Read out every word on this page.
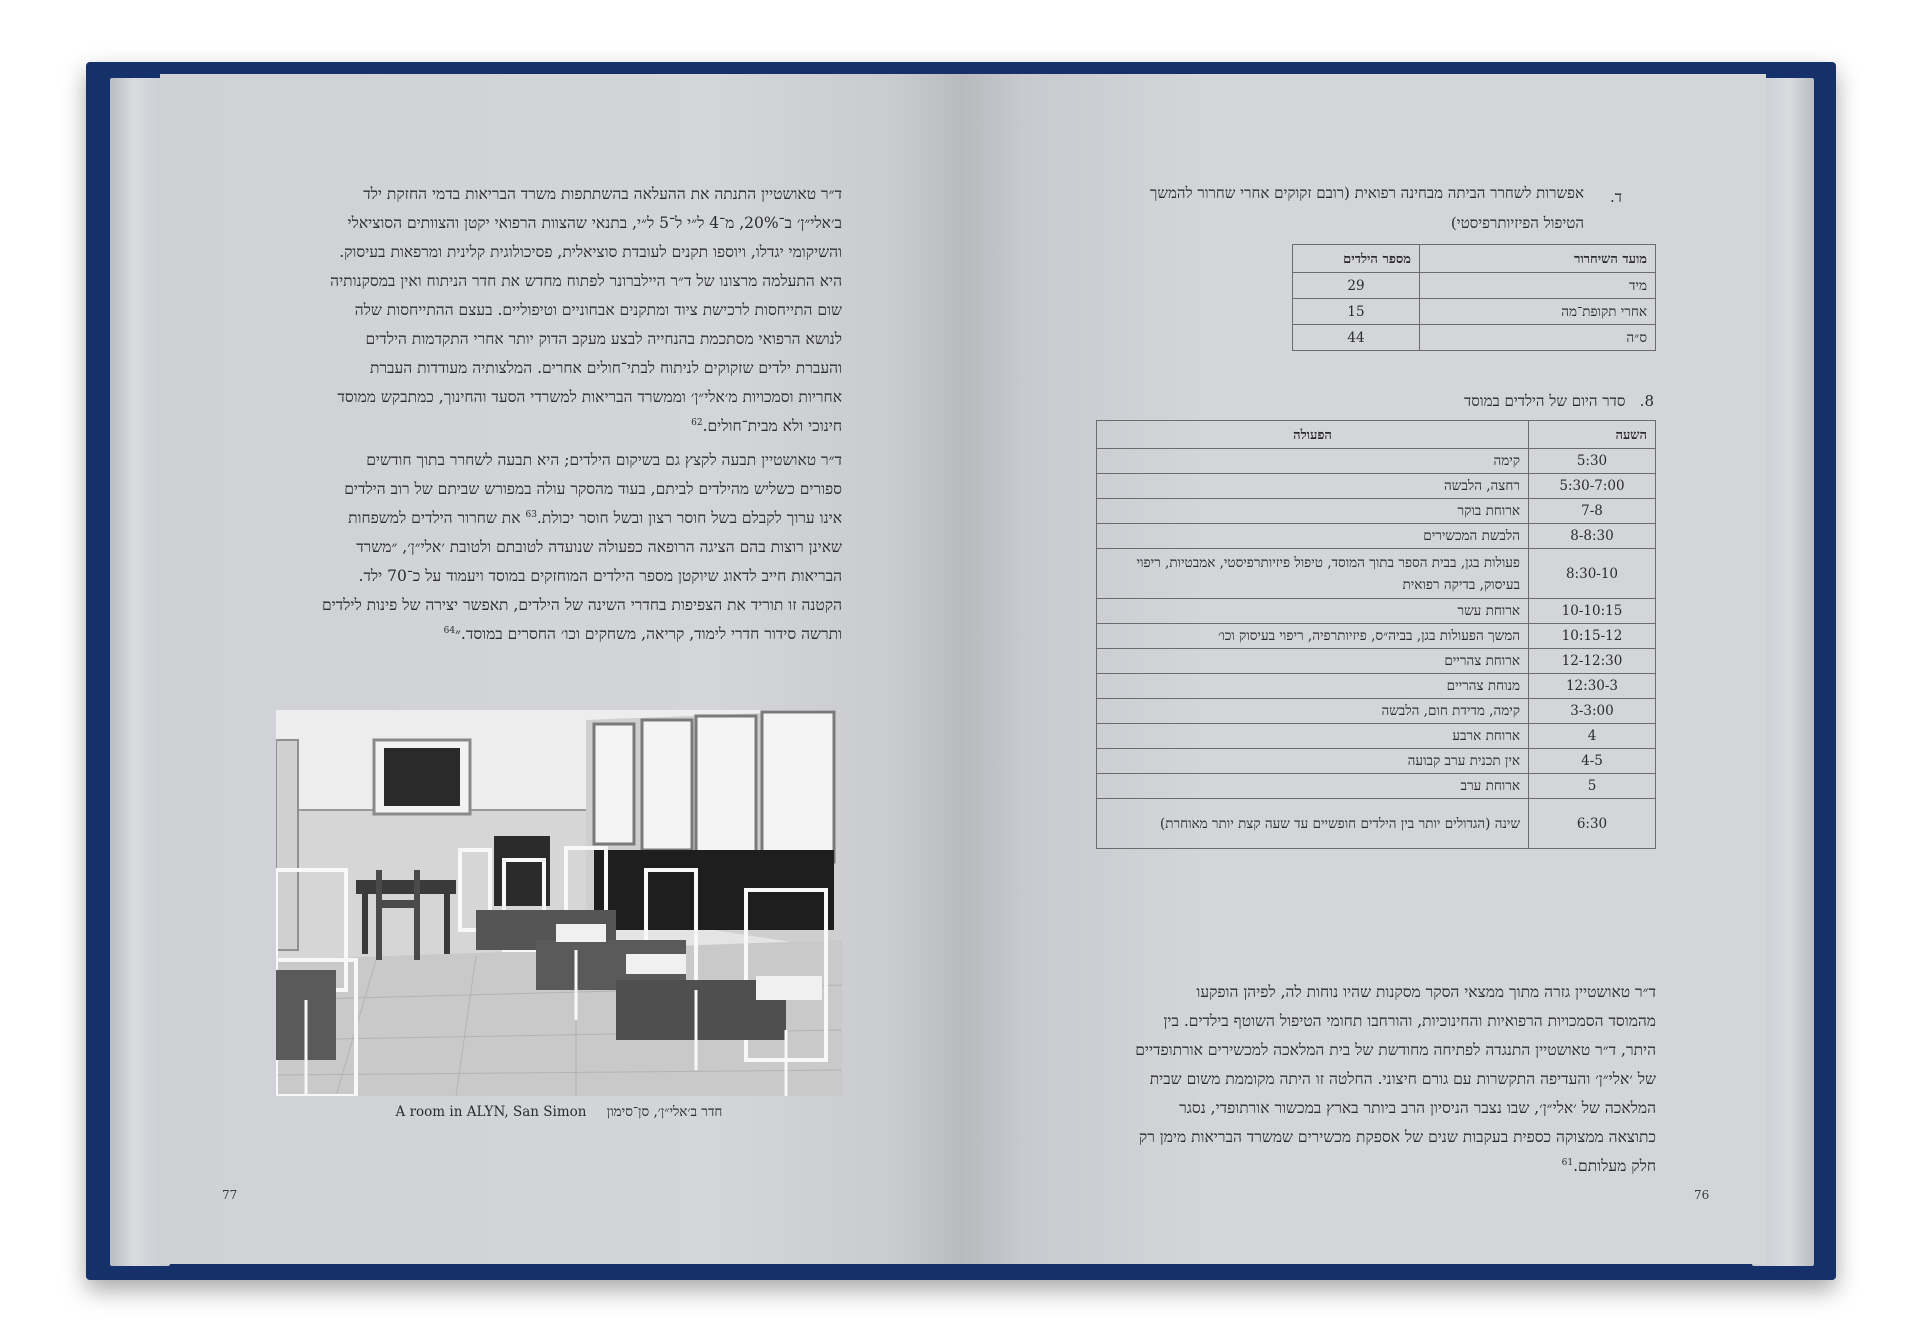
ד״ר טאושטיין התנתה את ההעלאה בהשתתפות משרד הבריאות בדמי החזקת ילד
ב׳אלי״ן׳ ב־20%, מ־4 ל״י ל־5 ל״י, בתנאי שהצוות הרפואי יקטן והצוותים הסוציאלי
והשיקומי יגדלו, ויוספו תקנים לעובדת סוציאלית, פסיכולוגית קלינית ומרפאות בעיסוק.
היא התעלמה מרצונו של ד״ר היילברונר לפתוח מחדש את חדר הניתוח ואין במסקנותיה
שום התייחסות לרכישת ציוד ומתקנים אבחוניים וטיפוליים. בעצם ההתייחסות שלה
לנושא הרפואי מסתכמת בהנחייה לבצע מעקב הדוק יותר אחרי התקדמות הילדים
והעברת ילדים שזקוקים לניתוח לבתי־חולים אחרים. המלצותיה מעודדות העברת
אחריות וסמכויות מ׳אלי״ן׳ וממשרד הבריאות למשרדי הסעד והחינוך, כמתבקש ממוסד
חינוכי ולא מבית־חולים.$^{62}$
ד״ר טאושטיין תבעה לקצץ גם בשיקום הילדים; היא תבעה לשחרר בתוך חודשים
ספורים כשליש מהילדים לביתם, בעוד מהסקר עולה במפורש שביתם של רוב הילדים
אינו ערוך לקבלם בשל חוסר רצון ובשל חוסר יכולת.$^{63}$ את שחרור הילדים למשפחות
שאינן רוצות בהם הציגה הרופאה כפעולה שנועדה לטובתם ולטובת ׳אלי״ן׳, ״משרד
הבריאות חייב לדאוג שיוקטן מספר הילדים המוחזקים במוסד ויעמוד על כ־70 ילד.
הקטנה זו תוריד את הצפיפות בחדרי השינה של הילדים, תאפשר יצירה של פינות לילדים
ותרשה סידור חדרי לימוד, קריאה, משחקים וכו׳ החסרים במוסד.״$^{64}$
A room in ALYN, San Simon חדר ב׳אלי״ן׳, סן־סימון
77
ד.
אפשרות לשחרר הביתה מבחינה רפואית (רובם זקוקים אחרי שחרור להמשך
הטיפול הפיזיותרפיסטי)
מועד השיחרור	מספר הילדים
מיד	29
אחרי תקופת־מה	15
ס״ה	44
8.   סדר היום של הילדים במוסד
השעה	הפעולה
5:30	קימה
5:30-7:00	רחצה, הלבשה
7-8	ארוחת בוקר
8-8:30	הלבשת המכשירים
8:30-10	פעולות בגן, בבית הספר בתוך המוסד, טיפול פיזיותרפיסטי, אמבטיות, ריפוי בעיסוק, בדיקה רפואית
10-10:15	ארוחת עשר
10:15-12	המשך הפעולות בגן, בביה״ס, פיזיותרפיה, ריפוי בעיסוק וכו׳
12-12:30	ארוחת צהריים
12:30-3	מנוחת צהריים
3-3:00	קימה, מדידת חום, הלבשה
4	ארוחת ארבע
4-5	אין תכנית ערב קבועה
5	ארוחת ערב
6:30	שינה (הגדולים יותר בין הילדים חופשיים עד שעה קצת יותר מאוחרת)
ד״ר טאושטיין גזרה מתוך ממצאי הסקר מסקנות שהיו נוחות לה, לפיהן הופקעו
מהמוסד הסמכויות הרפואיות והחינוכיות, והורחבו תחומי הטיפול השוטף בילדים. בין
היתר, ד״ר טאושטיין התנגדה לפתיחה מחודשת של בית המלאכה למכשירים אורתופדיים
של ׳אלי״ן׳ והעדיפה התקשרות עם גורם חיצוני. החלטה זו היתה מקוממת משום שבית
המלאכה של ׳אלי״ן׳, שבו נצבר הניסיון הרב ביותר בארץ במכשור אורתופדי, נסגר
כתוצאה ממצוקה כספית בעקבות שנים של אספקת מכשירים שמשרד הבריאות מימן רק
חלק מעלותם.$^{61}$
76
